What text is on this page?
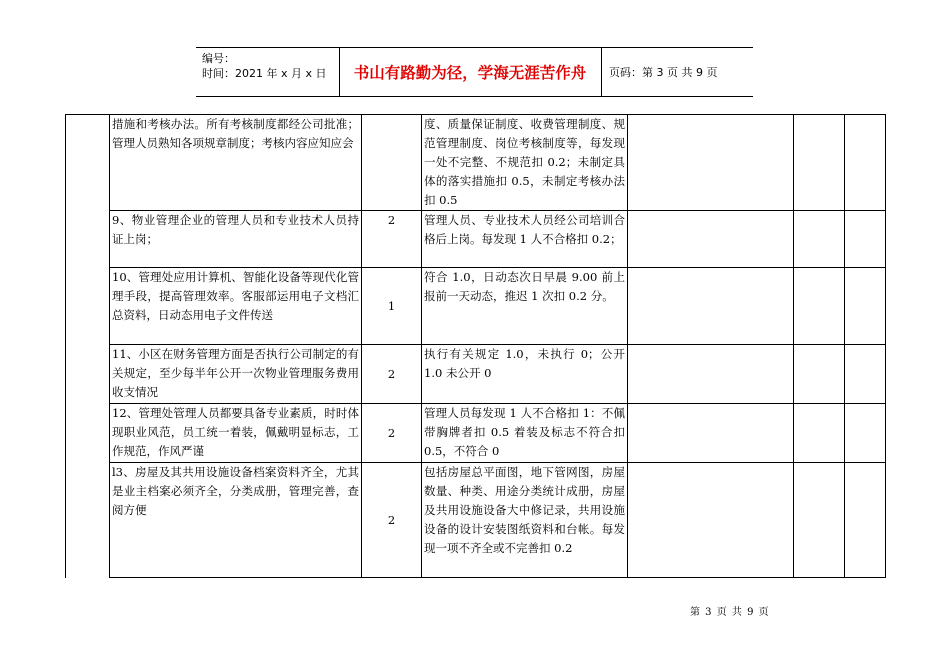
编号：
时间：2021 年 x 月 x 日	书山有路勤为径，学海无涯苦作舟	页码：第 3 页 共 9 页

	措施和考核办法。所有考核制度都经公司批准；管理人员熟知各项规章制度；考核内容应知应会		度、质量保证制度、收费管理制度、规范管理制度、岗位考核制度等，每发现一处不完整、不规范扣 0.2；未制定具体的落实措施扣 0.5，未制定考核办法扣 0.5			

	9、物业管理企业的管理人员和专业技术人员持证上岗；	2	管理人员、专业技术人员经公司培训合格后上岗。每发现 1 人不合格扣 0.2；			

	10、管理处应用计算机、智能化设备等现代化管理手段，提高管理效率。客服部运用电子文档汇总资料，日动态用电子文件传送	1	符合 1.0，日动态次日早晨 9.00 前上报前一天动态，推迟 1 次扣 0.2 分。			

	11、小区在财务管理方面是否执行公司制定的有关规定，至少每半年公开一次物业管理服务费用收支情况	2	执行有关规定 1.0，未执行 0；公开 1.0 未公开 0			

	12、管理处管理人员都要具备专业素质，时时体现职业风范，员工统一着装，佩戴明显标志，工作规范，作风严谨	2	管理人员每发现 1 人不合格扣 1：不佩带胸牌者扣 0.5 着装及标志不符合扣 0.5，不符合 0			

	l3、房屋及其共用设施设备档案资料齐全，尤其是业主档案必须齐全，分类成册，管理完善，查阅方便	2	包括房屋总平面图，地下管网图，房屋数量、种类、用途分类统计成册，房屋及共用设施设备大中修记录，共用设施设备的设计安装图纸资料和台帐。每发现一项不齐全或不完善扣 0.2			

第 3 页 共 9 页
